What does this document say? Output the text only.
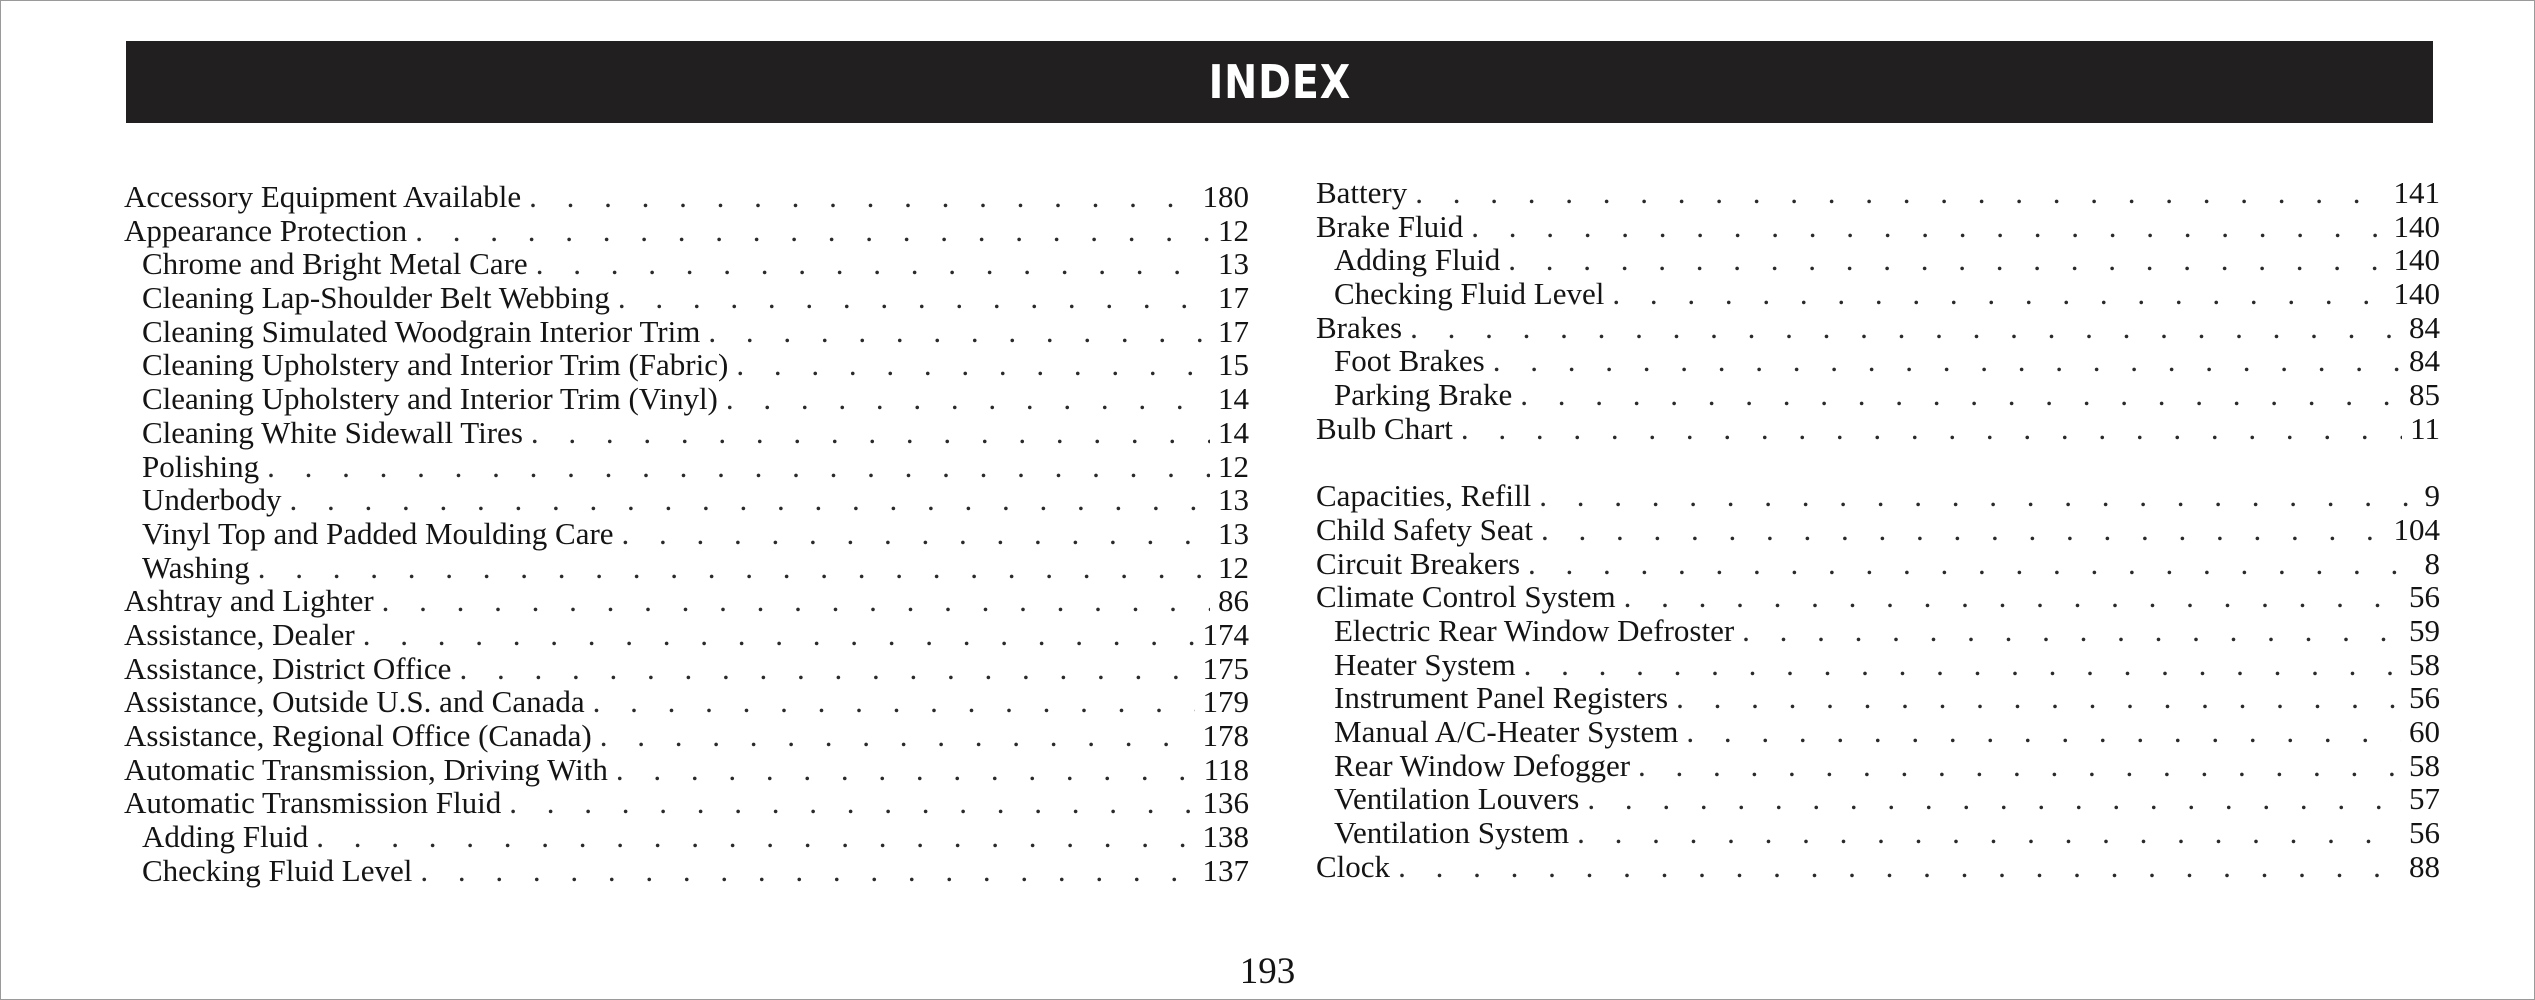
INDEX
Accessory Equipment Available . . .	180
Appearance Protection . . .	12
Chrome and Bright Metal Care . . .	13
Cleaning Lap-Shoulder Belt Webbing . . .	17
Cleaning Simulated Woodgrain Interior Trim . . .	17
Cleaning Upholstery and Interior Trim (Fabric) . . .	15
Cleaning Upholstery and Interior Trim (Vinyl) . . .	14
Cleaning White Sidewall Tires . . .	14
Polishing . . .	12
Underbody . . .	13
Vinyl Top and Padded Moulding Care . . .	13
Washing . . .	12
Ashtray and Lighter . . .	86
Assistance, Dealer . . .	174
Assistance, District Office . . .	175
Assistance, Outside U.S. and Canada . . .	179
Assistance, Regional Office (Canada) . . .	178
Automatic Transmission, Driving With . . .	118
Automatic Transmission Fluid . . .	136
Adding Fluid . . .	138
Checking Fluid Level . . .	137
Battery . . .	141
Brake Fluid . . .	140
Adding Fluid . . .	140
Checking Fluid Level . . .	140
Brakes . . .	84
Foot Brakes . . .	84
Parking Brake . . .	85
Bulb Chart . . .	11
Capacities, Refill . . .	9
Child Safety Seat . . .	104
Circuit Breakers . . .	8
Climate Control System . . .	56
Electric Rear Window Defroster . . .	59
Heater System . . .	58
Instrument Panel Registers . . .	56
Manual A/C-Heater System . . .	60
Rear Window Defogger . . .	58
Ventilation Louvers . . .	57
Ventilation System . . .	56
Clock . . .	88
193
